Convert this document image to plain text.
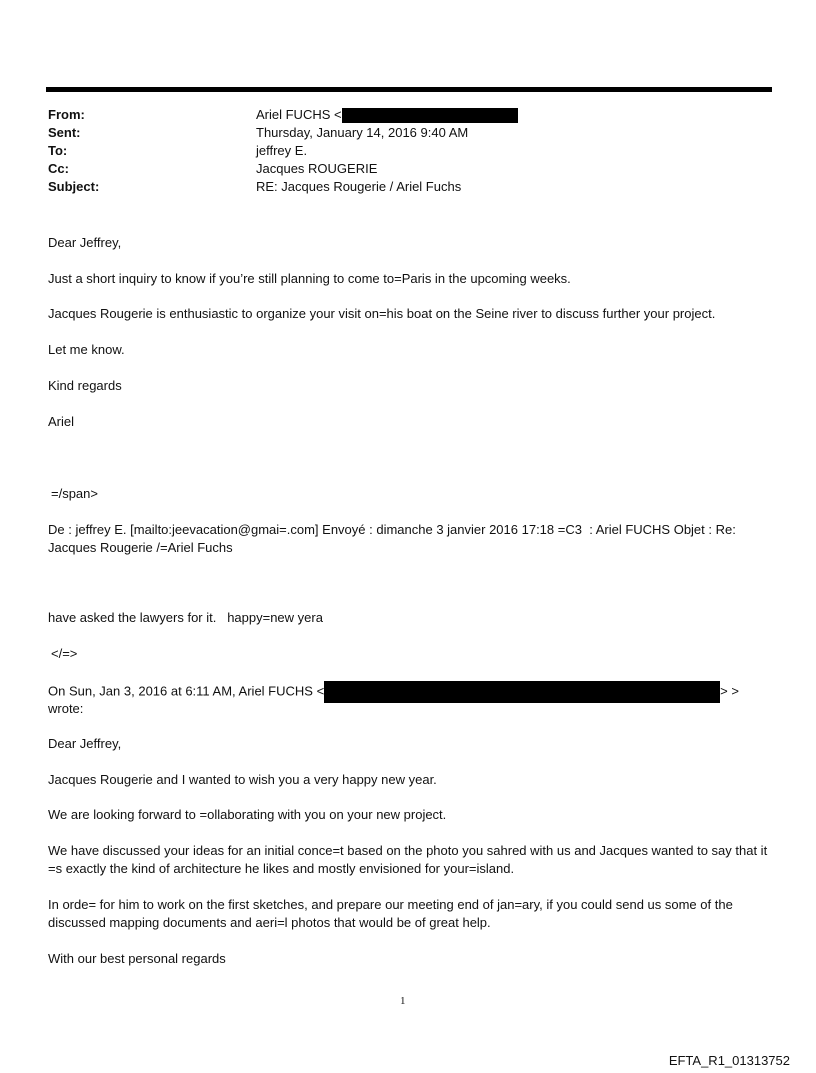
From:	Ariel FUCHS <
Sent:	Thursday, January 14, 2016 9:40 AM
To:	jeffrey E.
Cc:	Jacques ROUGERIE
Subject:	RE: Jacques Rougerie / Ariel Fuchs
Dear Jeffrey,
Just a short inquiry to know if you’re still planning to come to=Paris in the upcoming weeks.
Jacques Rougerie is enthusiastic to organize your visit on=his boat on the Seine river to discuss further your project.
Let me know.
Kind regards
Ariel
=/span>
De : jeffrey E. [mailto:jeevacation@gmai=.com] Envoyé : dimanche 3 janvier 2016 17:18 =C3  : Ariel FUCHS Objet : Re: Jacques Rougerie /=Ariel Fuchs
have asked the lawyers for it.   happy=new yera
</=>
On Sun, Jan 3, 2016 at 6:11 AM, Ariel FUCHS <	> >
wrote:
Dear Jeffrey,
Jacques Rougerie and I wanted to wish you a very happy new year.
We are looking forward to =ollaborating with you on your new project.
We have discussed your ideas for an initial conce=t based on the photo you sahred with us and Jacques wanted to say that it =s exactly the kind of architecture he likes and mostly envisioned for your=island.
In orde= for him to work on the first sketches, and prepare our meeting end of jan=ary, if you could send us some of the discussed mapping documents and aeri=l photos that would be of great help.
With our best personal regards
1
EFTA_R1_01313752
